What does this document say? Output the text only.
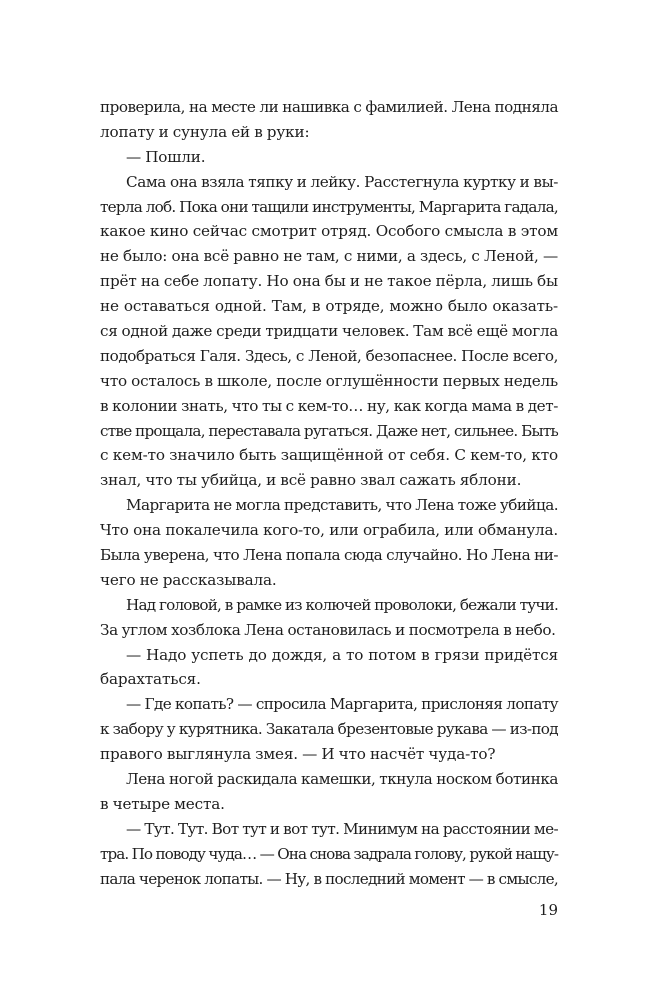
проверила, на месте ли нашивка с фамилией. Лена подняла
лопату и сунула ей в руки:
— Пошли.
Сама она взяла тяпку и лейку. Расстегнула куртку и вы-
терла лоб. Пока они тащили инструменты, Маргарита гадала,
какое кино сейчас смотрит отряд. Особого смысла в этом
не было: она всё равно не там, с ними, а здесь, с Леной, —
прёт на себе лопату. Но она бы и не такое пёрла, лишь бы
не оставаться одной. Там, в отряде, можно было оказать-
ся одной даже среди тридцати человек. Там всё ещё могла
подобраться Галя. Здесь, с Леной, безопаснее. После всего,
что осталось в школе, после оглушённости первых недель
в колонии знать, что ты с кем-то… ну, как когда мама в дет-
стве прощала, переставала ругаться. Даже нет, сильнее. Быть
с кем-то значило быть защищённой от себя. С кем-то, кто
знал, что ты убийца, и всё равно звал сажать яблони.
Маргарита не могла представить, что Лена тоже убийца.
Что она покалечила кого-то, или ограбила, или обманула.
Была уверена, что Лена попала сюда случайно. Но Лена ни-
чего не рассказывала.
Над головой, в рамке из колючей проволоки, бежали тучи.
За углом хозблока Лена остановилась и посмотрела в небо.
— Надо успеть до дождя, а то потом в грязи придётся
барахтаться.
— Где копать? — спросила Маргарита, прислоняя лопату
к забору у курятника. Закатала брезентовые рукава — из-под
правого выглянула змея. — И что насчёт чуда-то?
Лена ногой раскидала камешки, ткнула носком ботинка
в четыре места.
— Тут. Тут. Вот тут и вот тут. Минимум на расстоянии ме-
тра. По поводу чуда… — Она снова задрала голову, рукой нащу-
пала черенок лопаты. — Ну, в последний момент — в смысле,
19
